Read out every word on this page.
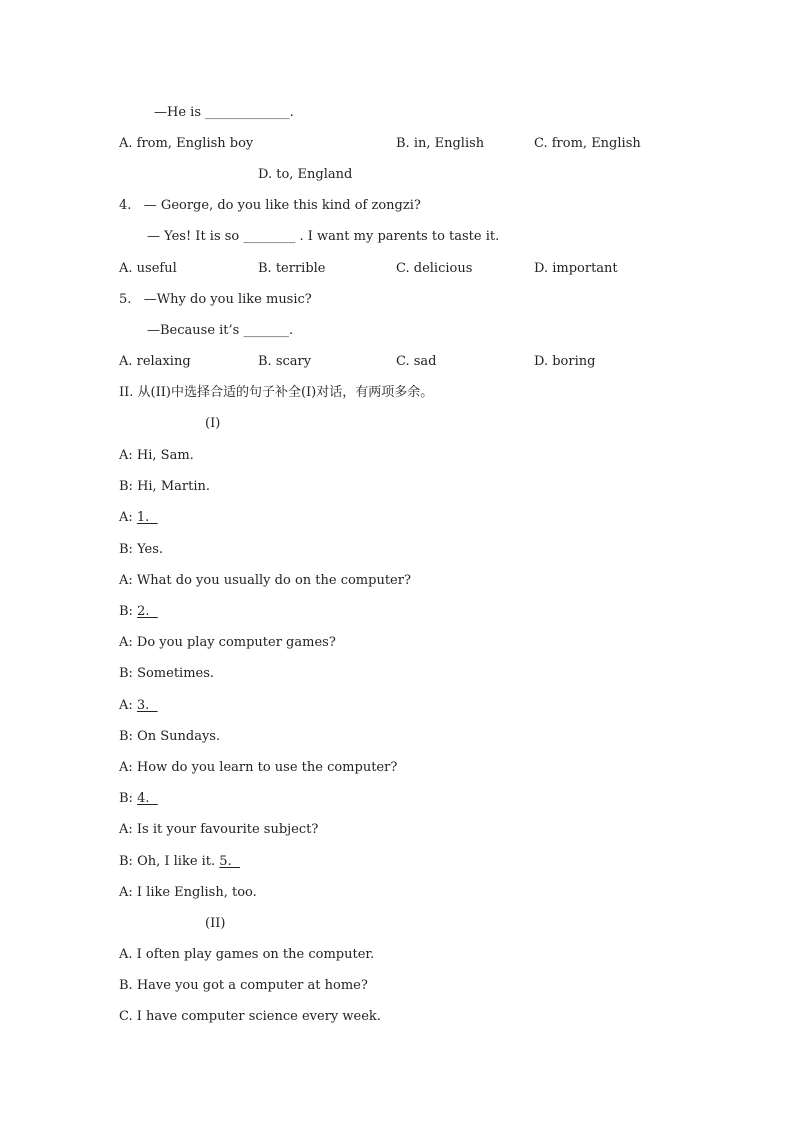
—He is _____________.
A. from, English boy	B. in, English	C. from, English
D. to, England
4.   — George, do you like this kind of zongzi?
— Yes! It is so ________ . I want my parents to taste it.
A. useful	B. terrible	C. delicious	D. important
5.   —Why do you like music?
—Because it’s _______.
A. relaxing	B. scary	C. sad	D. boring
II. 从(II)中选择合适的句子补全(I)对话，有两项多余。
(I)
A: Hi, Sam.
B: Hi, Martin.
A: 1.
B: Yes.
A: What do you usually do on the computer?
B: 2.
A: Do you play computer games?
B: Sometimes.
A: 3.
B: On Sundays.
A: How do you learn to use the computer?
B: 4.
A: Is it your favourite subject?
B: Oh, I like it. 5.
A: I like English, too.
(II)
A. I often play games on the computer.
B. Have you got a computer at home?
C. I have computer science every week.
